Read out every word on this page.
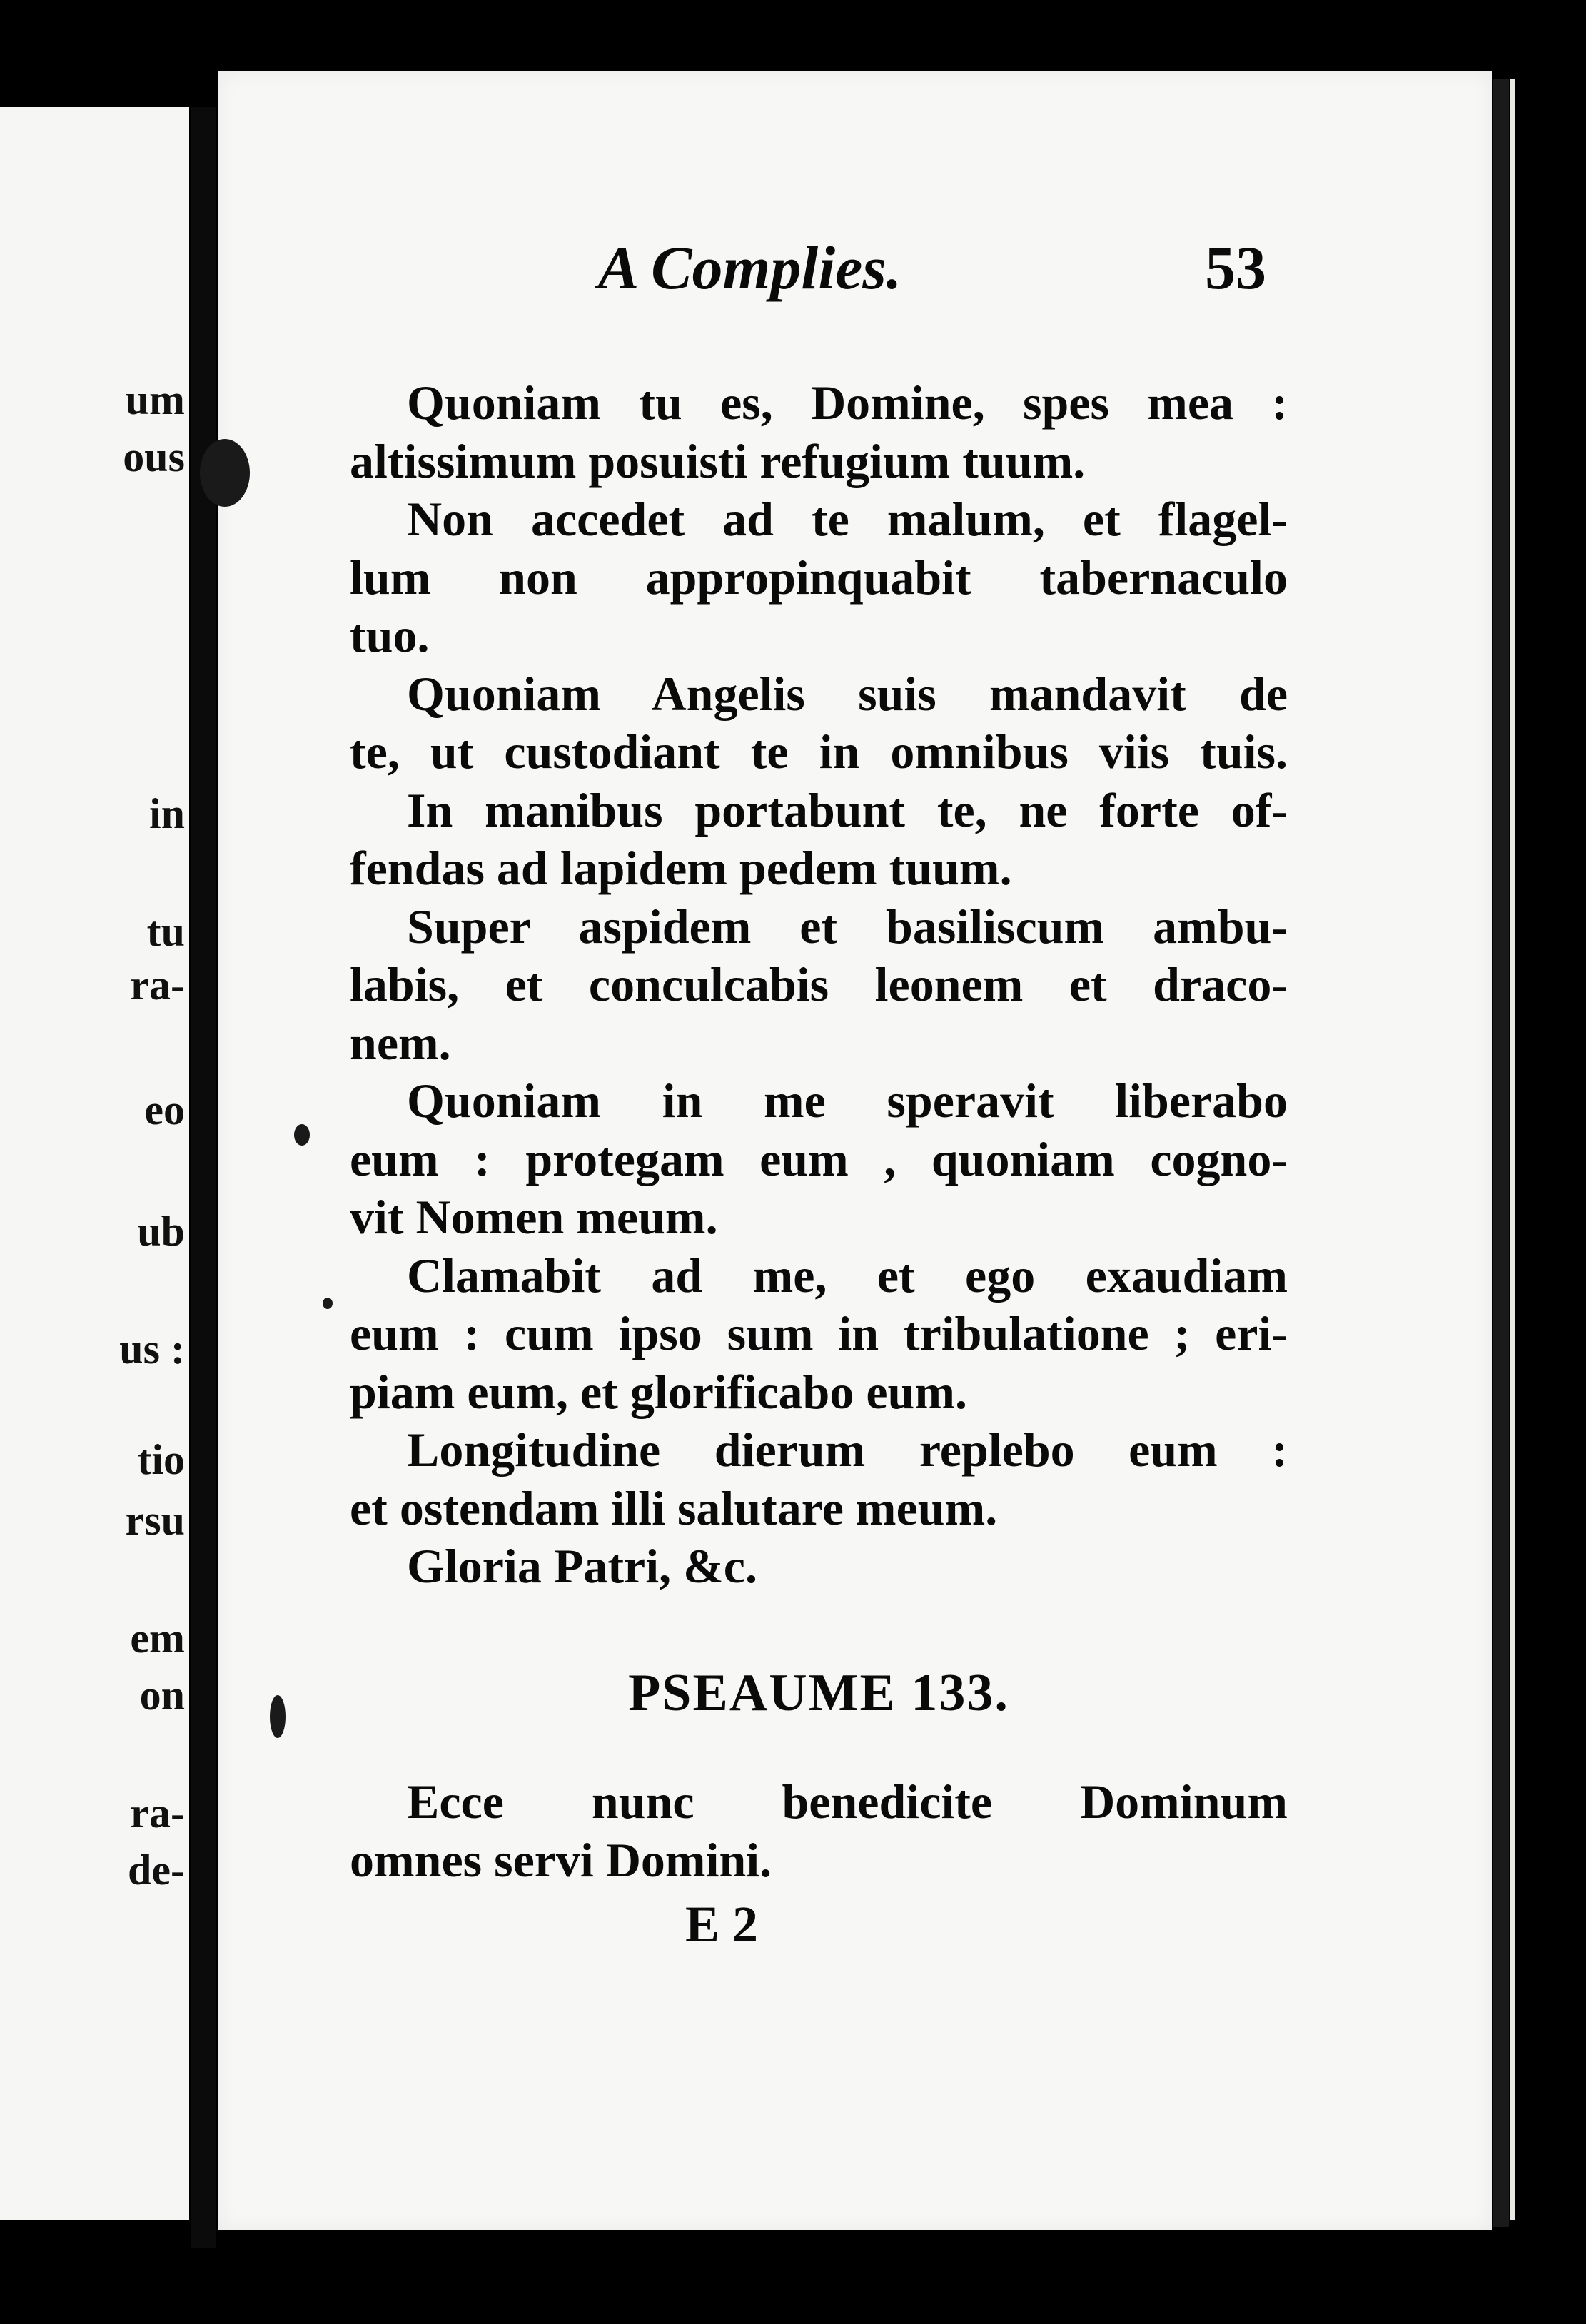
um
ous
in
tu
ra-
eo
ub
us :
tio
rsu
em
on
ra-
de-
A Complies.	53
Quoniam tu es, Domine, spes mea :
altissimum posuisti refugium tuum.
Non accedet ad te malum, et flagel-
lum non appropinquabit tabernaculo
tuo.
Quoniam Angelis suis mandavit de
te, ut custodiant te in omnibus viis tuis.
In manibus portabunt te, ne forte of-
fendas ad lapidem pedem tuum.
Super aspidem et basiliscum ambu-
labis, et conculcabis leonem et draco-
nem.
Quoniam in me speravit liberabo
eum : protegam eum , quoniam cogno-
vit Nomen meum.
Clamabit ad me, et ego exaudiam
eum : cum ipso sum in tribulatione ; eri-
piam eum, et glorificabo eum.
Longitudine dierum replebo eum :
et ostendam illi salutare meum.
Gloria Patri, &c.
PSEAUME 133.
Ecce nunc benedicite Dominum
omnes servi Domini.
E 2
